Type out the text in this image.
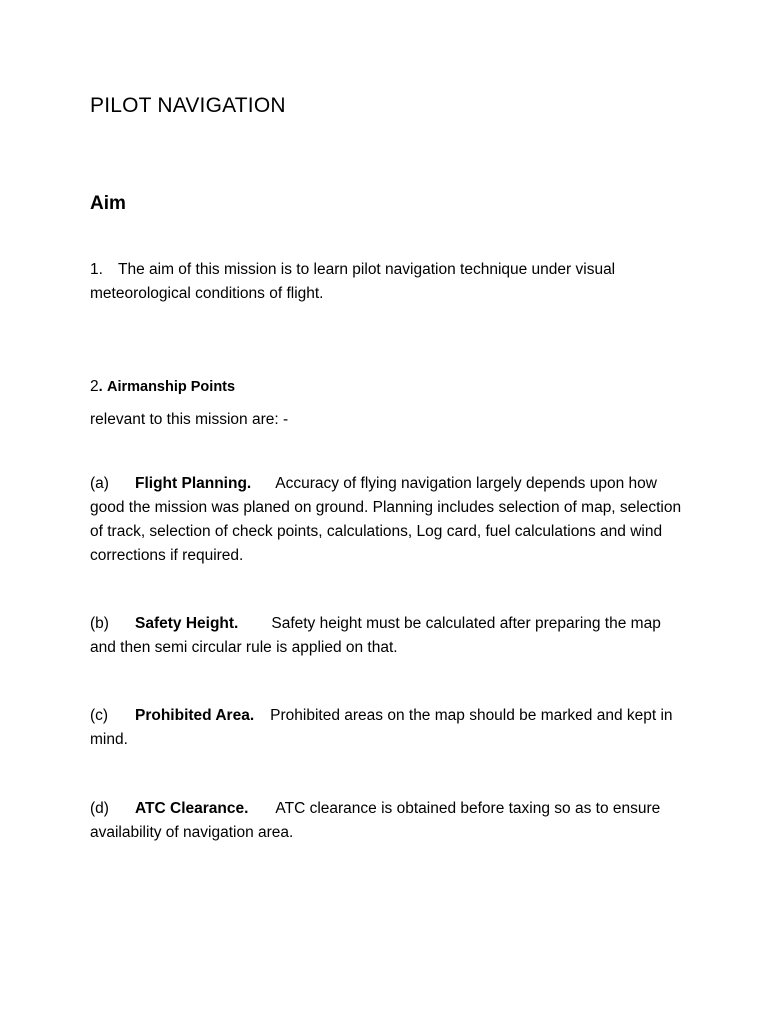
PILOT NAVIGATION
Aim
1. The aim of this mission is to learn pilot navigation technique under visual meteorological conditions of flight.
2. Airmanship Points
relevant to this mission are: -
(a) Flight Planning. Accuracy of flying navigation largely depends upon how good the mission was planed on ground. Planning includes selection of map, selection of track, selection of check points, calculations, Log card, fuel calculations and wind corrections if required.
(b) Safety Height. Safety height must be calculated after preparing the map and then semi circular rule is applied on that.
(c) Prohibited Area. Prohibited areas on the map should be marked and kept in mind.
(d) ATC Clearance. ATC clearance is obtained before taxing so as to ensure availability of navigation area.
